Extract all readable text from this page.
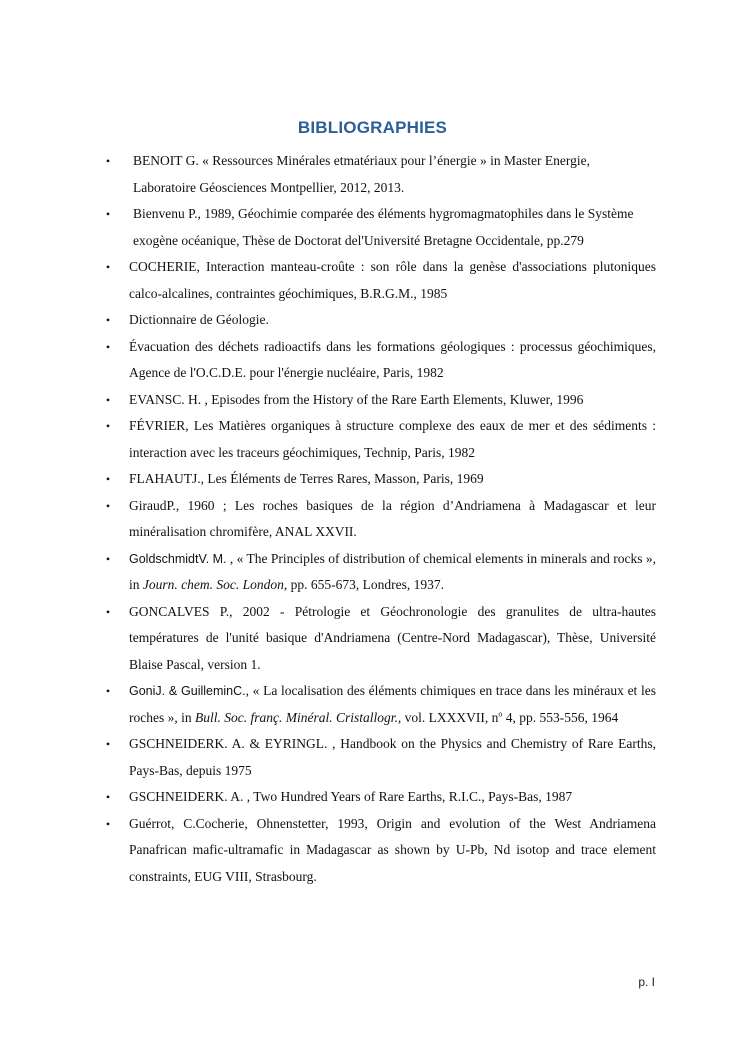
BIBLIOGRAPHIES
• BENOIT G. « Ressources Minérales etmatériaux pour l’énergie » in Master Energie, Laboratoire Géosciences Montpellier, 2012, 2013.
• Bienvenu P., 1989, Géochimie comparée des éléments hygromagmatophiles dans le Système exogène océanique, Thèse de Doctorat del'Université Bretagne Occidentale, pp.279
• COCHERIE, Interaction manteau-croûte : son rôle dans la genèse d'associations plutoniques calco-alcalines, contraintes géochimiques, B.R.G.M., 1985
• Dictionnaire de Géologie.
• Évacuation des déchets radioactifs dans les formations géologiques : processus géochimiques, Agence de l'O.C.D.E. pour l'énergie nucléaire, Paris, 1982
• EVANSC. H. , Episodes from the History of the Rare Earth Elements, Kluwer, 1996
• FÉVRIER, Les Matières organiques à structure complexe des eaux de mer et des sédiments : interaction avec les traceurs géochimiques, Technip, Paris, 1982
• FLAHAUTJ., Les Éléments de Terres Rares, Masson, Paris, 1969
• GiraudP., 1960 ; Les roches basiques de la région d’Andriamena à Madagascar et leur minéralisation chromifère, ANAL XXVII.
• GoldschmidtV. M. , « The Principles of distribution of chemical elements in minerals and rocks », in Journ. chem. Soc. London, pp. 655-673, Londres, 1937.
• GONCALVES P., 2002 - Pétrologie et Géochronologie des granulites de ultra-hautes températures de l'unité basique d'Andriamena (Centre-Nord Madagascar), Thèse, Université Blaise Pascal, version 1.
• GoniJ. & GuilleminC., « La localisation des éléments chimiques en trace dans les minéraux et les roches », in Bull. Soc. franç. Minéral. Cristallogr., vol. LXXXVII, $n^o$ 4, pp. 553-556, 1964
• GSCHNEIDERK. A. & EYRINGL. , Handbook on the Physics and Chemistry of Rare Earths, Pays-Bas, depuis 1975
• GSCHNEIDERK. A. , Two Hundred Years of Rare Earths, R.I.C., Pays-Bas, 1987
• Guérrot, C.Cocherie, Ohnenstetter, 1993, Origin and evolution of the West Andriamena Panafrican mafic-ultramafic in Madagascar as shown by U-Pb, Nd isotop and trace element constraints, EUG VIII, Strasbourg.
p. I
